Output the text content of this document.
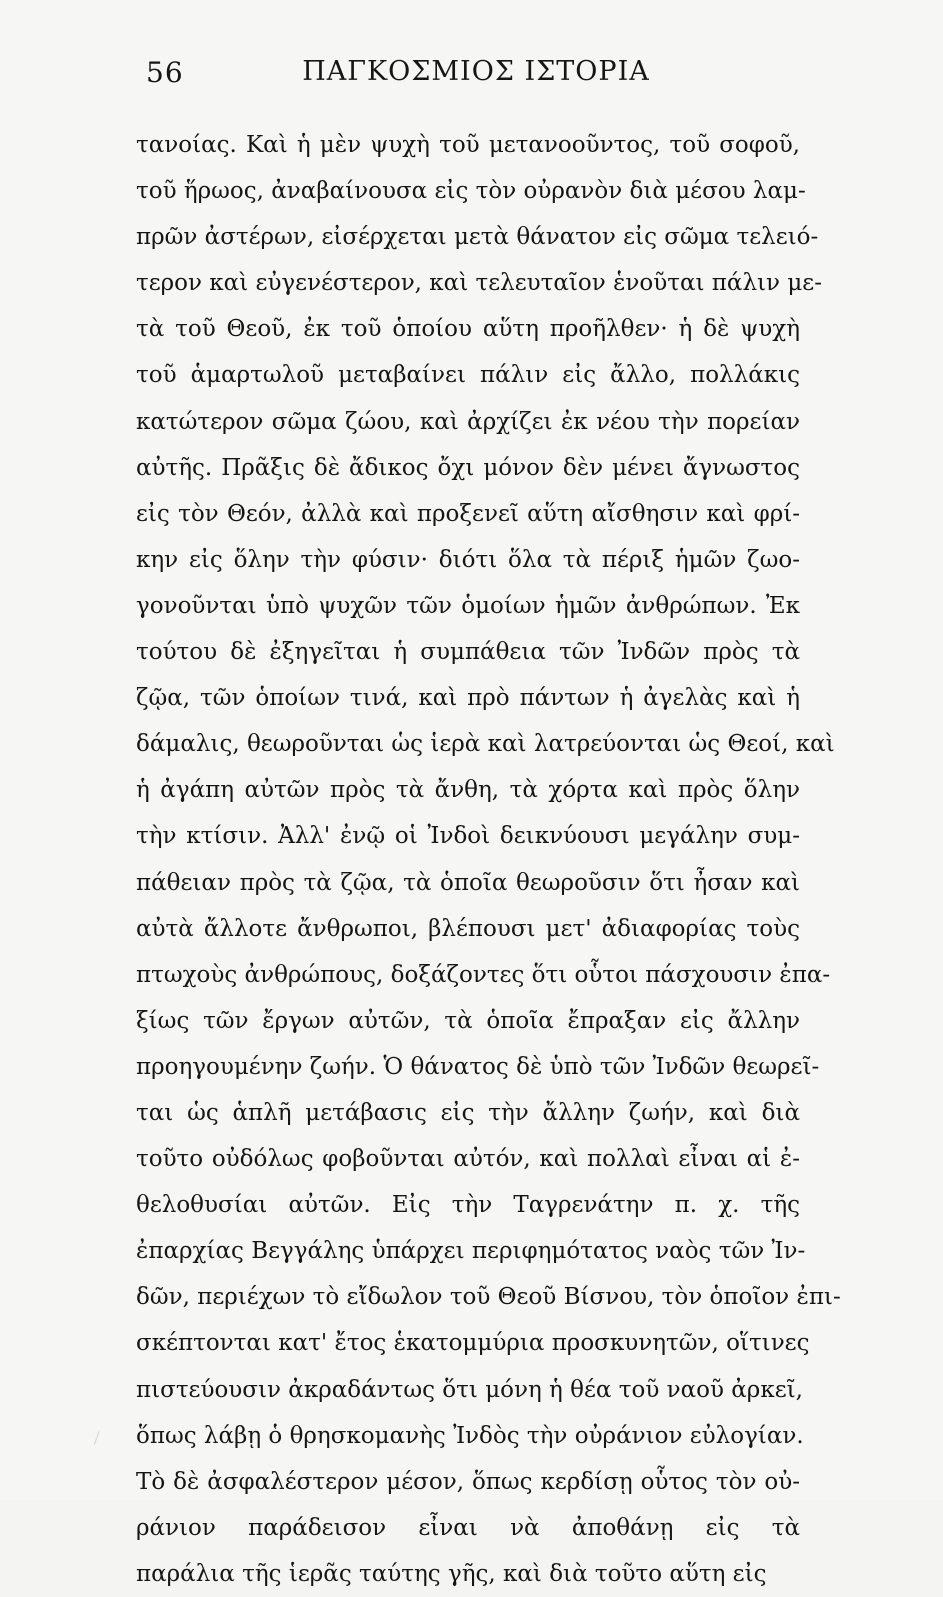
56	ΠΑΓΚΟΣΜΙΟΣ ΙΣΤΟΡΙΑ
τανοίας. Καὶ ἡ μὲν ψυχὴ τοῦ μετανοοῦντος, τοῦ σοφοῦ,
τοῦ ἥρωος, ἀναβαίνουσα εἰς τὸν οὐρανὸν διὰ μέσου λαμ-
πρῶν ἀστέρων, εἰσέρχεται μετὰ θάνατον εἰς σῶμα τελειό-
τερον καὶ εὐγενέστερον, καὶ τελευταῖον ἑνοῦται πάλιν με-
τὰ τοῦ Θεοῦ, ἐκ τοῦ ὁποίου αὕτη προῆλθεν· ἡ δὲ ψυχὴ
τοῦ ἁμαρτωλοῦ μεταβαίνει πάλιν εἰς ἄλλο, πολλάκις
κατώτερον σῶμα ζώου, καὶ ἀρχίζει ἐκ νέου τὴν πορείαν
αὐτῆς. Πρᾶξις δὲ ἄδικος ὄχι μόνον δὲν μένει ἄγνωστος
εἰς τὸν Θεόν, ἀλλὰ καὶ προξενεῖ αὕτη αἴσθησιν καὶ φρί-
κην εἰς ὅλην τὴν φύσιν· διότι ὅλα τὰ πέριξ ἡμῶν ζωο-
γονοῦνται ὑπὸ ψυχῶν τῶν ὁμοίων ἡμῶν ἀνθρώπων. Ἐκ
τούτου δὲ ἐξηγεῖται ἡ συμπάθεια τῶν Ἰνδῶν πρὸς τὰ
ζῷα, τῶν ὁποίων τινά, καὶ πρὸ πάντων ἡ ἀγελὰς καὶ ἡ
δάμαλις, θεωροῦνται ὡς ἱερὰ καὶ λατρεύονται ὡς Θεοί, καὶ
ἡ ἀγάπη αὐτῶν πρὸς τὰ ἄνθη, τὰ χόρτα καὶ πρὸς ὅλην
τὴν κτίσιν. Ἀλλ' ἐνῷ οἱ Ἰνδοὶ δεικνύουσι μεγάλην συμ-
πάθειαν πρὸς τὰ ζῷα, τὰ ὁποῖα θεωροῦσιν ὅτι ἦσαν καὶ
αὐτὰ ἄλλοτε ἄνθρωποι, βλέπουσι μετ' ἀδιαφορίας τοὺς
πτωχοὺς ἀνθρώπους, δοξάζοντες ὅτι οὗτοι πάσχουσιν ἐπα-
ξίως τῶν ἔργων αὐτῶν, τὰ ὁποῖα ἔπραξαν εἰς ἄλλην
προηγουμένην ζωήν. Ὁ θάνατος δὲ ὑπὸ τῶν Ἰνδῶν θεωρεῖ-
ται ὡς ἁπλῆ μετάβασις εἰς τὴν ἄλλην ζωήν, καὶ διὰ
τοῦτο οὐδόλως φοβοῦνται αὐτόν, καὶ πολλαὶ εἶναι αἱ ἐ-
θελοθυσίαι αὐτῶν. Εἰς τὴν Ταγρενάτην π. χ. τῆς
ἐπαρχίας Βεγγάλης ὑπάρχει περιφημότατος ναὸς τῶν Ἰν-
δῶν, περιέχων τὸ εἴδωλον τοῦ Θεοῦ Βίσνου, τὸν ὁποῖον ἐπι-
σκέπτονται κατ' ἔτος ἑκατομμύρια προσκυνητῶν, οἵτινες
πιστεύουσιν ἀκραδάντως ὅτι μόνη ἡ θέα τοῦ ναοῦ ἀρκεῖ,
ὅπως λάβῃ ὁ θρησκομανὴς Ἰνδὸς τὴν οὐράνιον εὐλογίαν.
Τὸ δὲ ἀσφαλέστερον μέσον, ὅπως κερδίσῃ οὗτος τὸν οὐ-
ράνιον παράδεισον εἶναι νὰ ἀποθάνῃ εἰς τὰ
παράλια τῆς ἱερᾶς ταύτης γῆς, καὶ διὰ τοῦτο αὕτη εἰς
